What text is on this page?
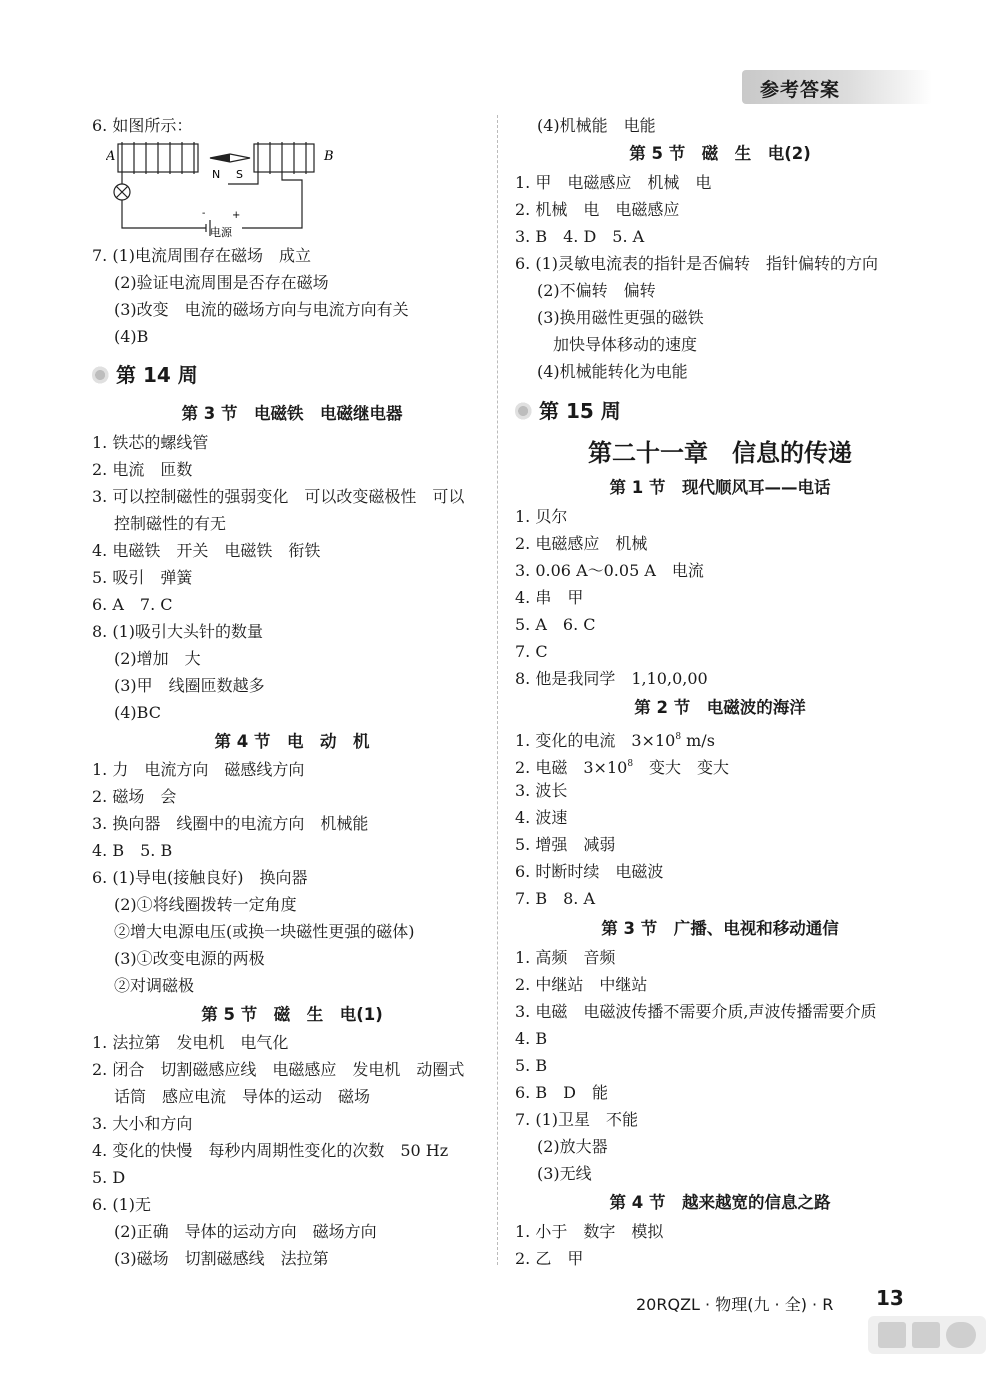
参考答案
6. 如图所示：
A	B
N S
-	+
电源
7. (1)电流周围存在磁场　成立
(2)验证电流周围是否存在磁场
(3)改变　电流的磁场方向与电流方向有关
(4)B
第 14 周
第 3 节　电磁铁　电磁继电器
1. 铁芯的螺线管
2. 电流　匝数
3. 可以控制磁性的强弱变化　可以改变磁极性　可以
控制磁性的有无
4. 电磁铁　开关　电磁铁　衔铁
5. 吸引　弹簧
6. A　7. C
8. (1)吸引大头针的数量
(2)增加　大
(3)甲　线圈匝数越多
(4)BC
第 4 节　电　动　机
1. 力　电流方向　磁感线方向
2. 磁场　会
3. 换向器　线圈中的电流方向　机械能
4. B　5. B
6. (1)导电(接触良好)　换向器
(2)①将线圈拨转一定角度
②增大电源电压(或换一块磁性更强的磁体)
(3)①改变电源的两极
②对调磁极
第 5 节　磁　生　电(1)
1. 法拉第　发电机　电气化
2. 闭合　切割磁感应线　电磁感应　发电机　动圈式
话筒　感应电流　导体的运动　磁场
3. 大小和方向
4. 变化的快慢　每秒内周期性变化的次数　50 Hz
5. D
6. (1)无
(2)正确　导体的运动方向　磁场方向
(3)磁场　切割磁感线　法拉第
(4)机械能　电能
第 5 节　磁　生　电(2)
1. 甲　电磁感应　机械　电
2. 机械　电　电磁感应
3. B　4. D　5. A
6. (1)灵敏电流表的指针是否偏转　指针偏转的方向
(2)不偏转　偏转
(3)换用磁性更强的磁铁
加快导体移动的速度
(4)机械能转化为电能
第 15 周
第二十一章　信息的传递
第 1 节　现代顺风耳——电话
1. 贝尔
2. 电磁感应　机械
3. 0.06 A～0.05 A　电流
4. 串　甲
5. A　6. C
7. C
8. 他是我同学　1,10,0,00
第 2 节　电磁波的海洋
1. 变化的电流　$3\times 10^8$ m/s
2. 电磁　$3\times 10^8$　变大　变大
3. 波长
4. 波速
5. 增强　减弱
6. 时断时续　电磁波
7. B　8. A
第 3 节　广播、电视和移动通信
1. 高频　音频
2. 中继站　中继站
3. 电磁　电磁波传播不需要介质,声波传播需要介质
4. B
5. B
6. B　D　能
7. (1)卫星　不能
(2)放大器
(3)无线
第 4 节　越来越宽的信息之路
1. 小于　数字　模拟
2. 乙　甲
20RQZL · 物理(九 · 全) · R 13
